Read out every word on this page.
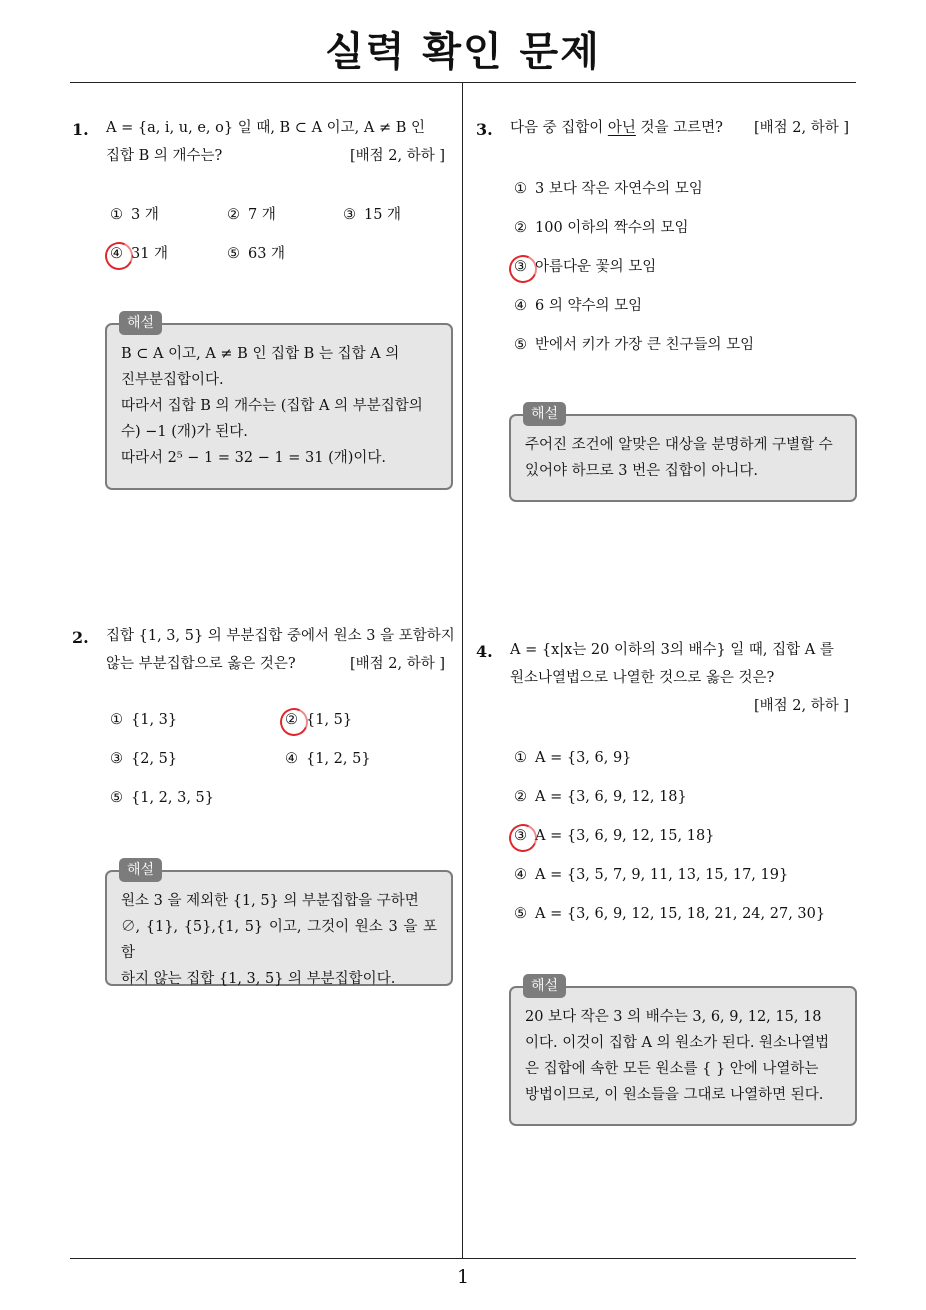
실력 확인 문제
1. A = {a, i, u, e, o} 일 때, B ⊂ A 이고, A ≠ B 인
집합 B 의 개수는?	[배점 2, 하하 ]
① 3 개	② 7 개	③ 15 개
④ 31 개	⑤ 63 개
해설

B ⊂ A 이고, A ≠ B 인 집합 B 는 집합 A 의

진부분집합이다.

따라서 집합 B 의 개수는 (집합 A 의 부분집합의

수) −1 (개)가 된다.

따라서 2⁵ − 1 = 32 − 1 = 31 (개)이다.

2. 집합 {1, 3, 5} 의 부분집합 중에서 원소 3 을 포함하지
않는 부분집합으로 옳은 것은?	[배점 2, 하하 ]
① {1, 3}	② {1, 5}
③ {2, 5}	④ {1, 2, 5}
⑤ {1, 2, 3, 5}
해설

원소 3 을 제외한 {1, 5} 의 부분집합을 구하면

∅, {1}, {5},{1, 5} 이고, 그것이 원소 3 을 포함

하지 않는 집합 {1, 3, 5} 의 부분집합이다.

3. 다음 중 집합이 아닌 것을 고르면? [배점 2, 하하 ]
① 3 보다 작은 자연수의 모임
② 100 이하의 짝수의 모임
③ 아름다운 꽃의 모임
④ 6 의 약수의 모임
⑤ 반에서 키가 가장 큰 친구들의 모임
해설

주어진 조건에 알맞은 대상을 분명하게 구별할 수

있어야 하므로 3 번은 집합이 아니다.

4. A = {x|x는 20 이하의 3의 배수} 일 때, 집합 A 를
원소나열법으로 나열한 것으로 옳은 것은?
[배점 2, 하하 ]
① A = {3, 6, 9}
② A = {3, 6, 9, 12, 18}
③ A = {3, 6, 9, 12, 15, 18}
④ A = {3, 5, 7, 9, 11, 13, 15, 17, 19}
⑤ A = {3, 6, 9, 12, 15, 18, 21, 24, 27, 30}
해설

20 보다 작은 3 의 배수는 3, 6, 9, 12, 15, 18

이다. 이것이 집합 A 의 원소가 된다. 원소나열법

은 집합에 속한 모든 원소를 { } 안에 나열하는

방법이므로, 이 원소들을 그대로 나열하면 된다.

1
